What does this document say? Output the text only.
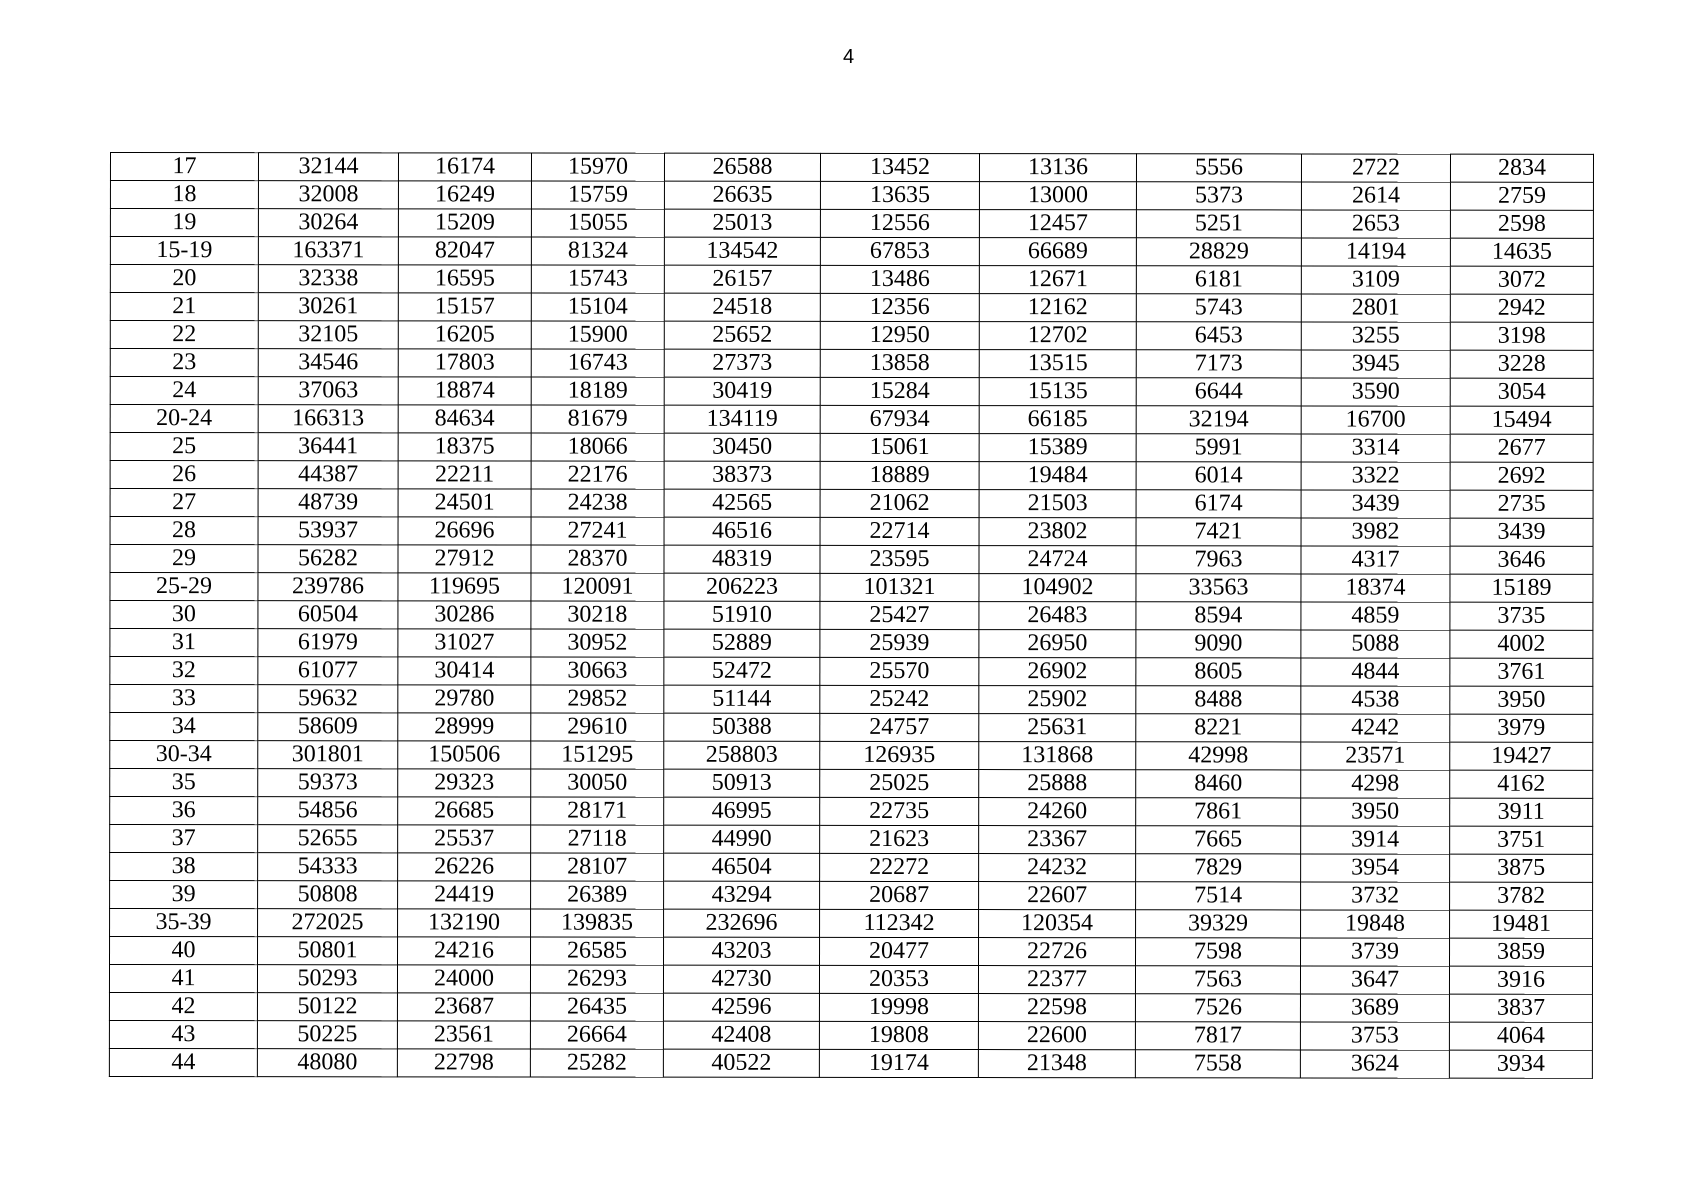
4
17	32144	16174	15970	26588	13452	13136	5556	2722	2834
18	32008	16249	15759	26635	13635	13000	5373	2614	2759
19	30264	15209	15055	25013	12556	12457	5251	2653	2598
15-19	163371	82047	81324	134542	67853	66689	28829	14194	14635
20	32338	16595	15743	26157	13486	12671	6181	3109	3072
21	30261	15157	15104	24518	12356	12162	5743	2801	2942
22	32105	16205	15900	25652	12950	12702	6453	3255	3198
23	34546	17803	16743	27373	13858	13515	7173	3945	3228
24	37063	18874	18189	30419	15284	15135	6644	3590	3054
20-24	166313	84634	81679	134119	67934	66185	32194	16700	15494
25	36441	18375	18066	30450	15061	15389	5991	3314	2677
26	44387	22211	22176	38373	18889	19484	6014	3322	2692
27	48739	24501	24238	42565	21062	21503	6174	3439	2735
28	53937	26696	27241	46516	22714	23802	7421	3982	3439
29	56282	27912	28370	48319	23595	24724	7963	4317	3646
25-29	239786	119695	120091	206223	101321	104902	33563	18374	15189
30	60504	30286	30218	51910	25427	26483	8594	4859	3735
31	61979	31027	30952	52889	25939	26950	9090	5088	4002
32	61077	30414	30663	52472	25570	26902	8605	4844	3761
33	59632	29780	29852	51144	25242	25902	8488	4538	3950
34	58609	28999	29610	50388	24757	25631	8221	4242	3979
30-34	301801	150506	151295	258803	126935	131868	42998	23571	19427
35	59373	29323	30050	50913	25025	25888	8460	4298	4162
36	54856	26685	28171	46995	22735	24260	7861	3950	3911
37	52655	25537	27118	44990	21623	23367	7665	3914	3751
38	54333	26226	28107	46504	22272	24232	7829	3954	3875
39	50808	24419	26389	43294	20687	22607	7514	3732	3782
35-39	272025	132190	139835	232696	112342	120354	39329	19848	19481
40	50801	24216	26585	43203	20477	22726	7598	3739	3859
41	50293	24000	26293	42730	20353	22377	7563	3647	3916
42	50122	23687	26435	42596	19998	22598	7526	3689	3837
43	50225	23561	26664	42408	19808	22600	7817	3753	4064
44	48080	22798	25282	40522	19174	21348	7558	3624	3934
